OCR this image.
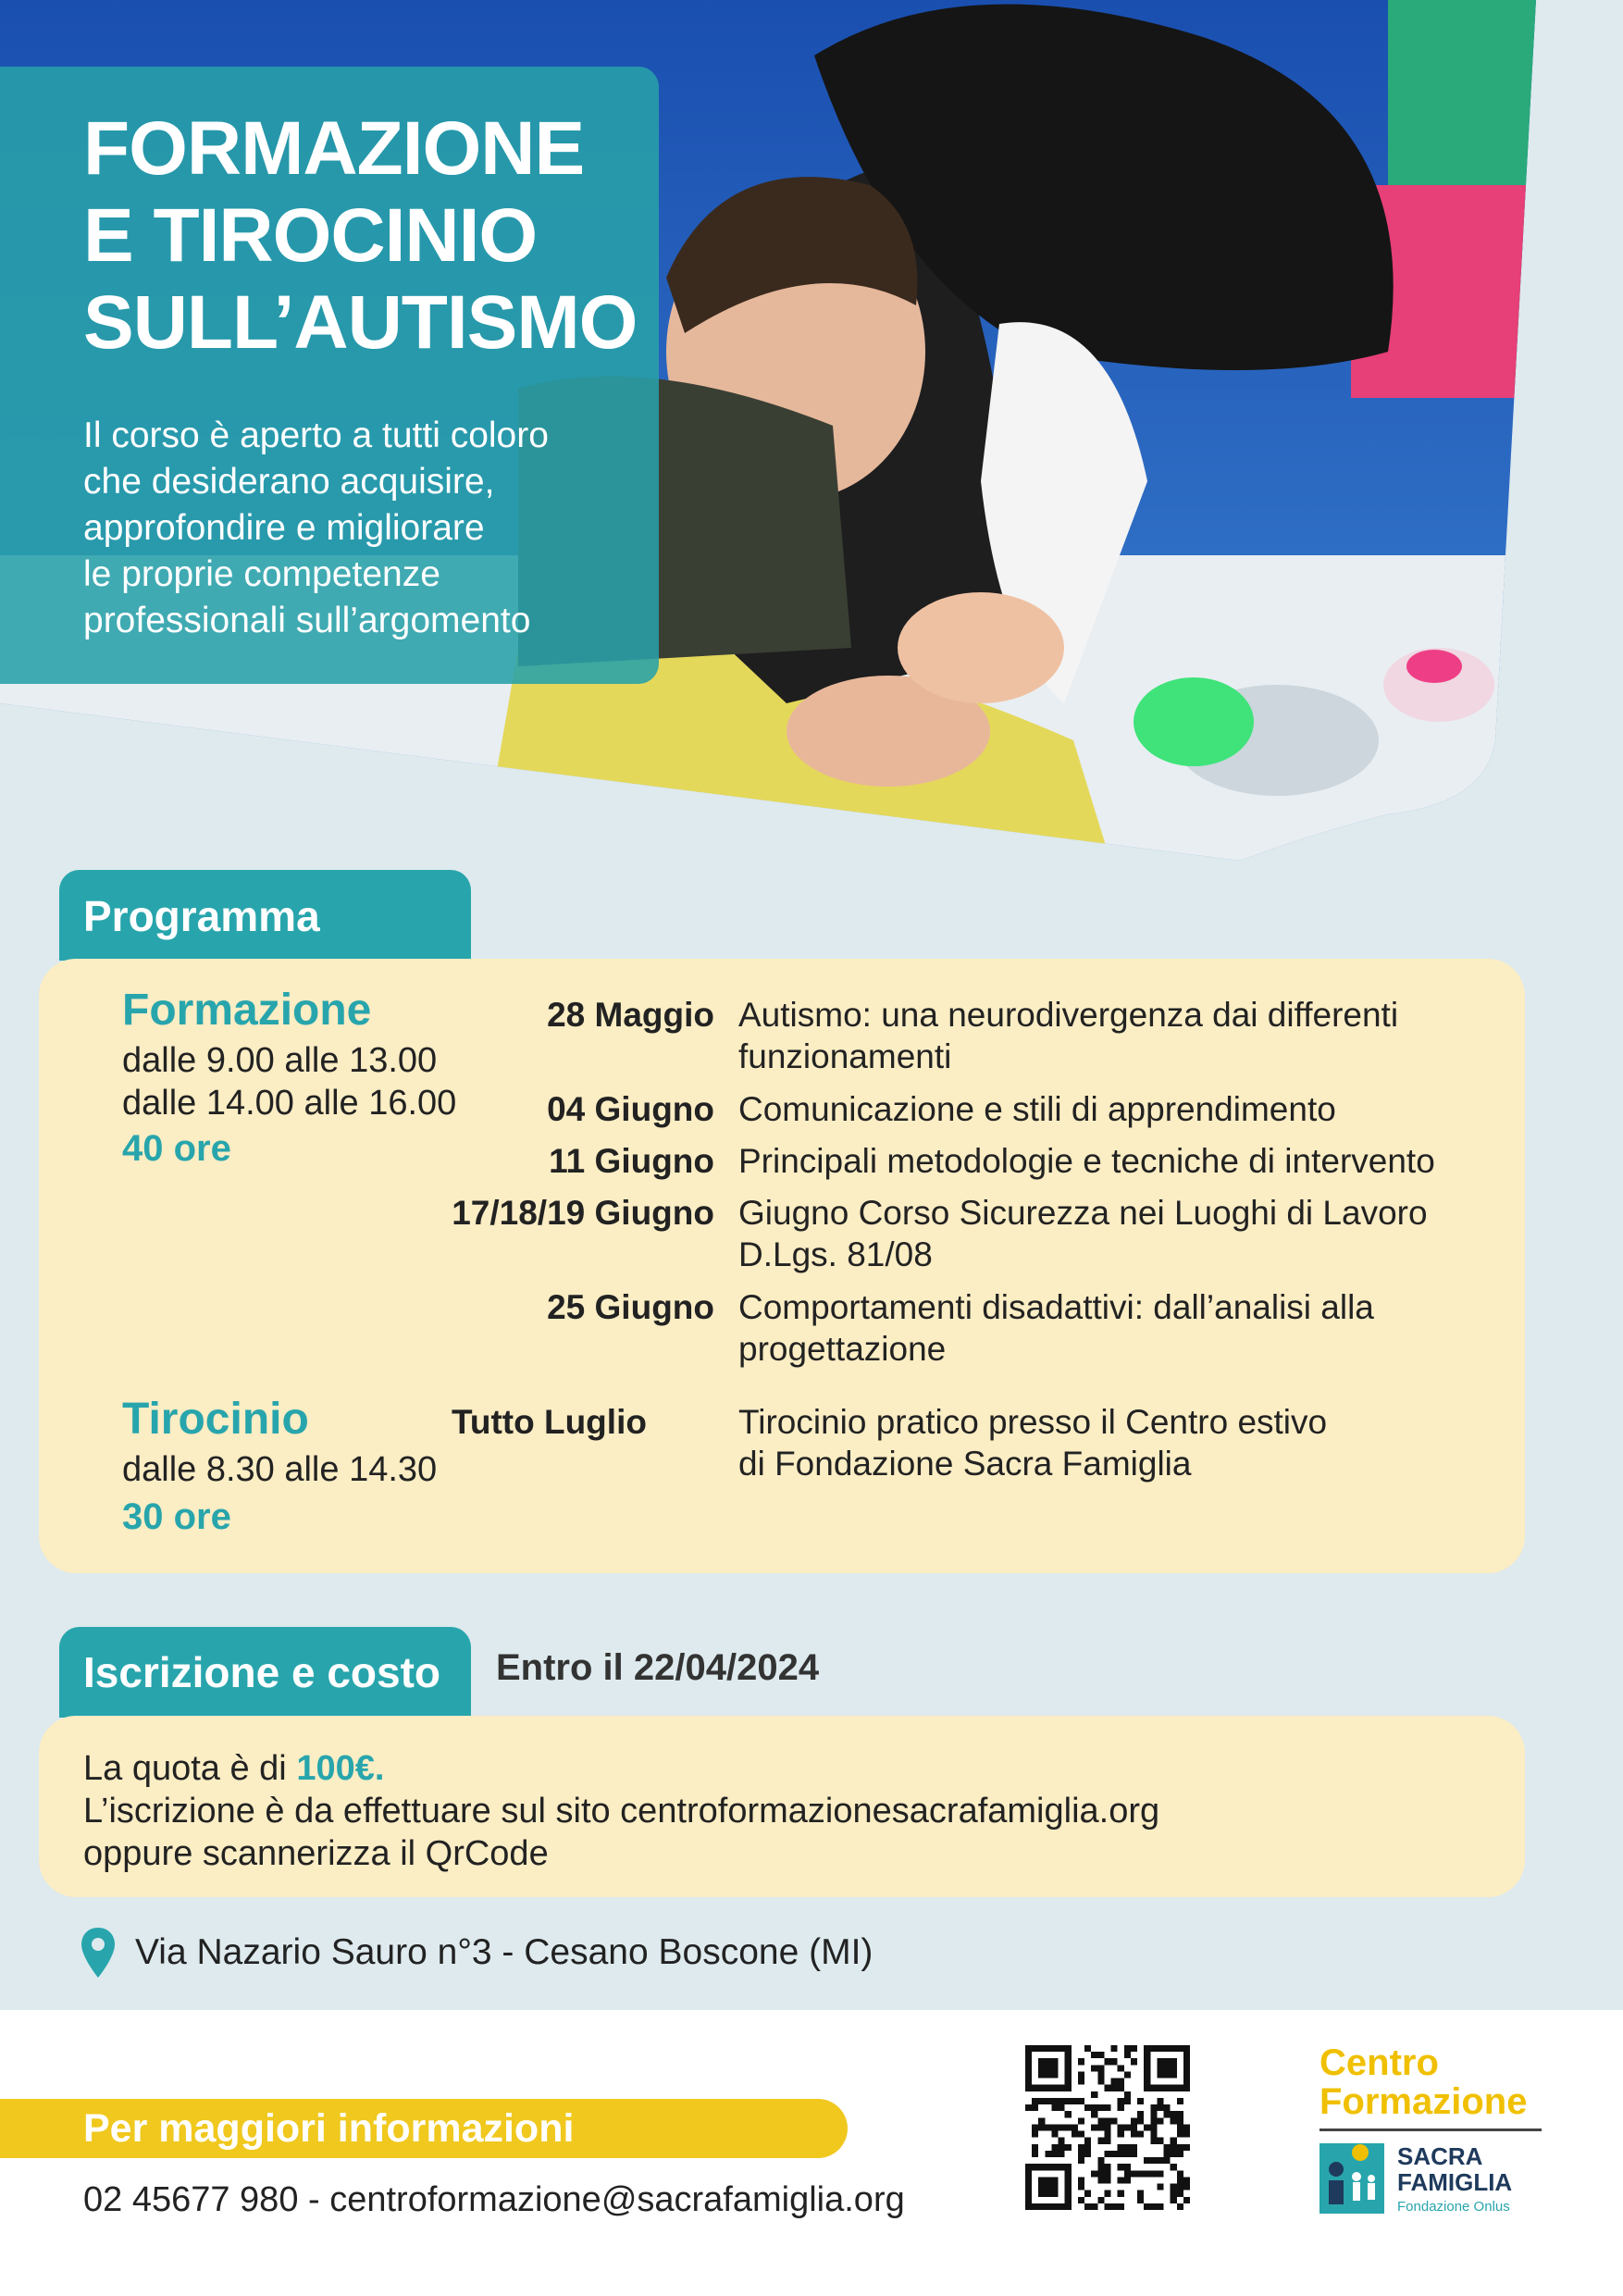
FORMAZIONE
E TIROCINIO
SULL’AUTISMO
Il corso è aperto a tutti coloro
che desiderano acquisire,
approfondire e migliorare
le proprie competenze
professionali sull’argomento
Programma
Formazione
dalle 9.00 alle 13.00
dalle 14.00 alle 16.00
40 ore
28 Maggio Autismo: una neurodivergenza dai differenti
funzionamenti
04 Giugno Comunicazione e stili di apprendimento
11 Giugno Principali metodologie e tecniche di intervento
17/18/19 Giugno Giugno Corso Sicurezza nei Luoghi di Lavoro
D.Lgs. 81/08
25 Giugno Comportamenti disadattivi: dall’analisi alla
progettazione
Tirocinio
dalle 8.30 alle 14.30
30 ore
Tutto Luglio	Tirocinio pratico presso il Centro estivo
di Fondazione Sacra Famiglia
Iscrizione e costo	Entro il 22/04/2024
La quota è di 100€.
L’iscrizione è da effettuare sul sito centroformazionesacrafamiglia.org
oppure scannerizza il QrCode
Via Nazario Sauro n°3 - Cesano Boscone (MI)
Per maggiori informazioni
02 45677 980 - centroformazione@sacrafamiglia.org
Centro
Formazione
SACRA
FAMIGLIA
Fondazione Onlus
